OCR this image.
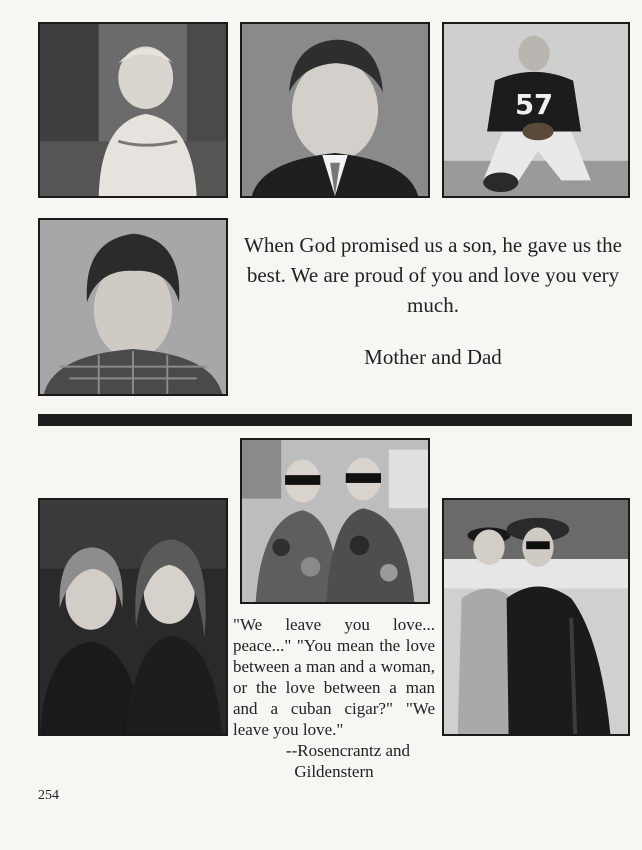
57
When God promised us a son, he gave us the best. We are proud of you and love you very much.
Mother and Dad
"We leave you love... peace..." "You mean the love between a man and a woman, or the love between a man and a cuban cigar?" "We leave you love."
--Rosencrantz and
Gildenstern
254
